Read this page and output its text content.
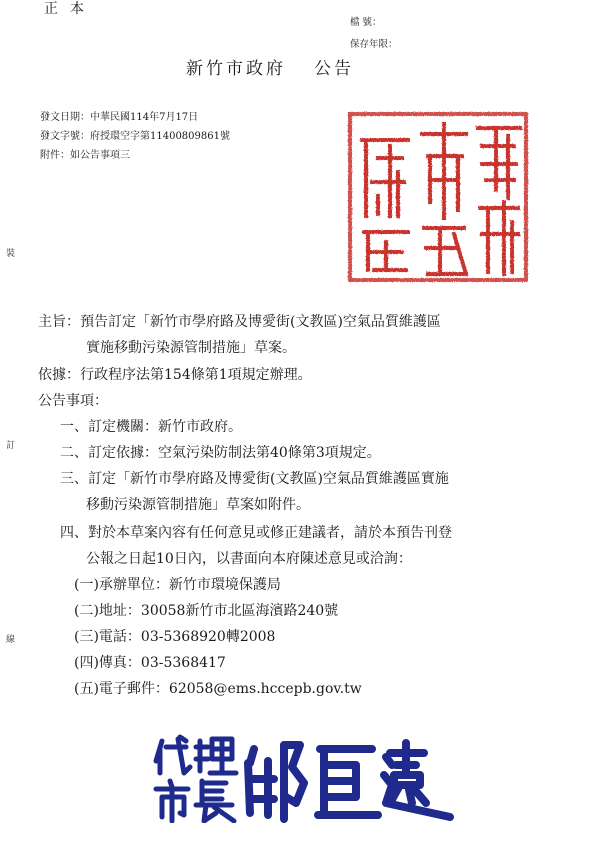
正本
檔 號：
保存年限：
新竹市政府 公告
發文日期：中華民國114年7月17日
發文字號：府授環空字第11400809861號
附件：如公告事項三
裝
訂
線
主旨：預告訂定「新竹市學府路及博愛街(文教區)空氣品質維護區
實施移動污染源管制措施」草案。
依據：行政程序法第154條第1項規定辦理。
公告事項：
一、訂定機關：新竹市政府。
二、訂定依據：空氣污染防制法第40條第3項規定。
三、訂定「新竹市學府路及博愛街(文教區)空氣品質維護區實施
移動污染源管制措施」草案如附件。
四、對於本草案內容有任何意見或修正建議者，請於本預告刊登
公報之日起10日內，以書面向本府陳述意見或洽詢：
(一)承辦單位：新竹市環境保護局
(二)地址：30058新竹市北區海濱路240號
(三)電話：03-5368920轉2008
(四)傳真：03-5368417
(五)電子郵件：62058@ems.hccepb.gov.tw
